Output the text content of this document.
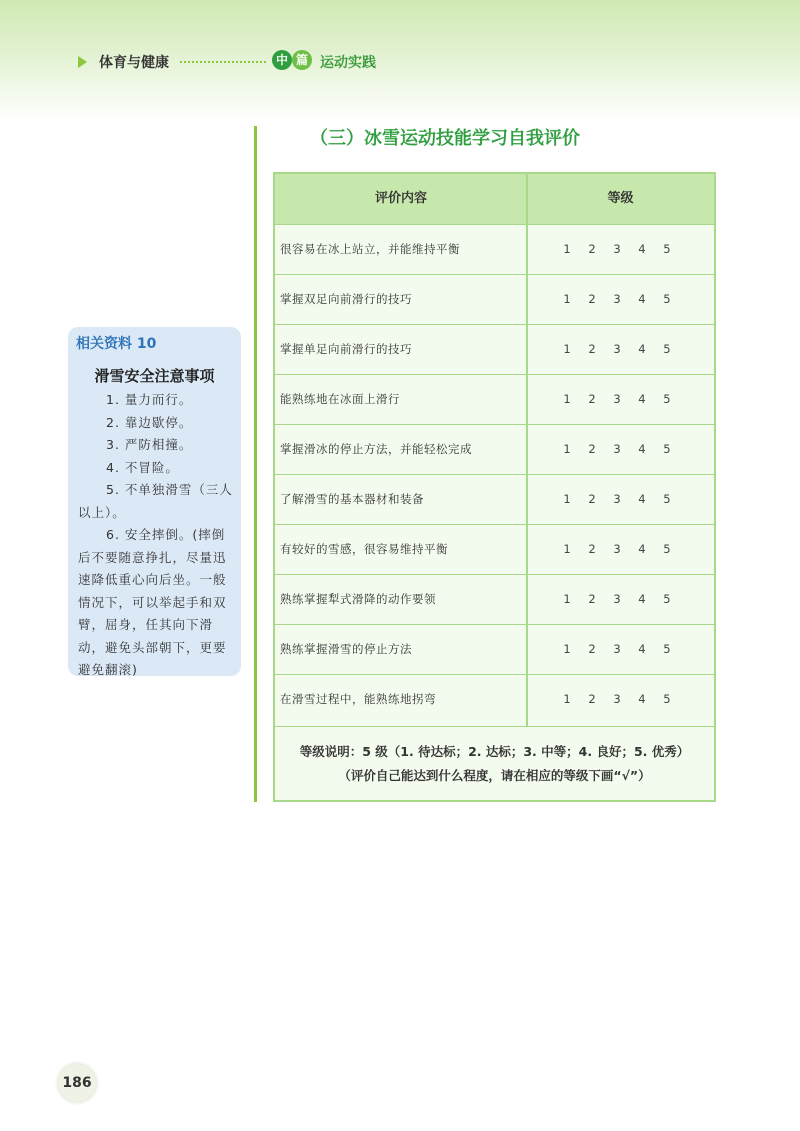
体育与健康	中 篇 运动实践
（三）冰雪运动技能学习自我评价
相关资料 10
滑雪安全注意事项

1. 量力而行。

2. 靠边歇停。

3. 严防相撞。

4. 不冒险。

5. 不单独滑雪（三人以上）。

6. 安全摔倒。(摔倒后不要随意挣扎，尽量迅速降低重心向后坐。一般情况下，可以举起手和双臂，屈身，任其向下滑动，避免头部朝下，更要避免翻滚)

评价内容	等级
很容易在冰上站立，并能维持平衡	1 2 3 4 5
掌握双足向前滑行的技巧	1 2 3 4 5
掌握单足向前滑行的技巧	1 2 3 4 5
能熟练地在冰面上滑行	1 2 3 4 5
掌握滑冰的停止方法，并能轻松完成	1 2 3 4 5
了解滑雪的基本器材和装备	1 2 3 4 5
有较好的雪感，很容易维持平衡	1 2 3 4 5
熟练掌握犁式滑降的动作要领	1 2 3 4 5
熟练掌握滑雪的停止方法	1 2 3 4 5
在滑雪过程中，能熟练地拐弯	1 2 3 4 5
等级说明：5 级（1. 待达标；2. 达标；3. 中等；4. 良好；5. 优秀）
（评价自己能达到什么程度，请在相应的等级下画“√”）
186
